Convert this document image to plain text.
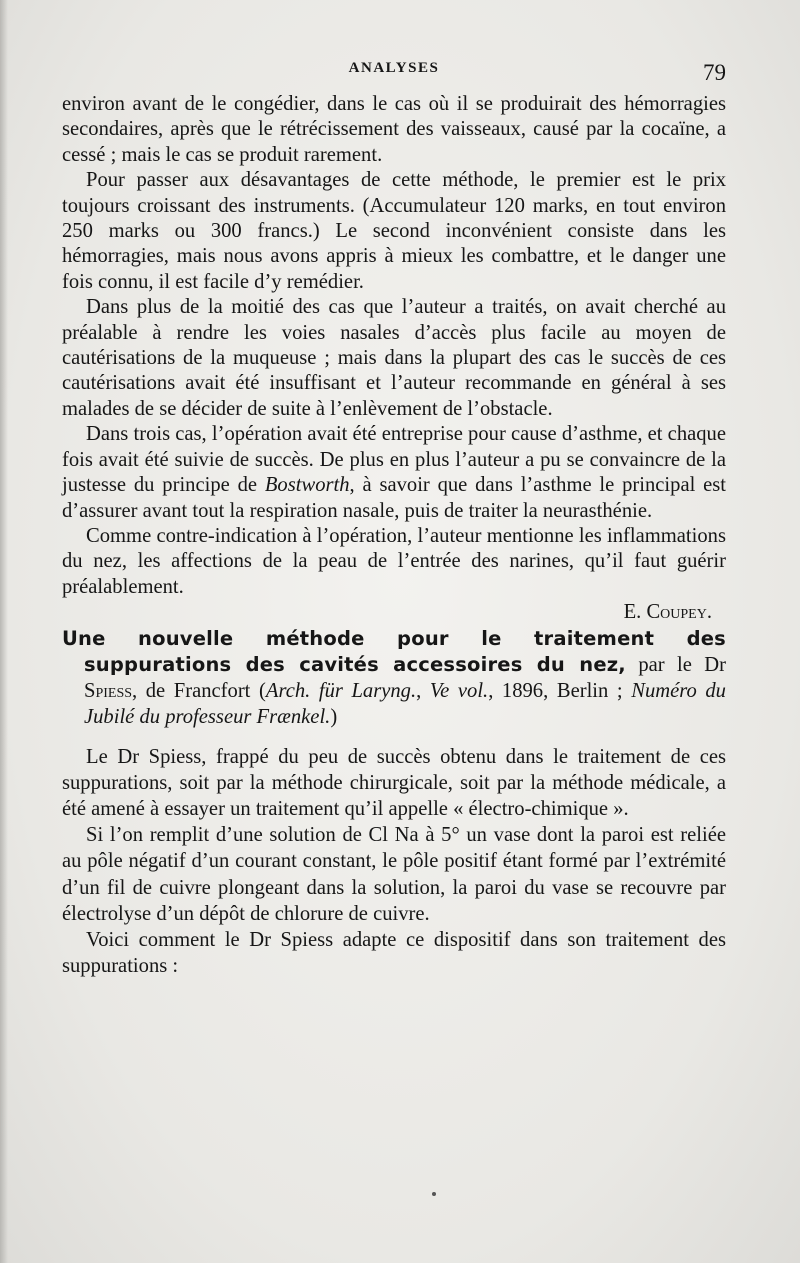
ANALYSES	79

environ avant de le congédier, dans le cas où il se produirait des hémorragies secondaires, après que le rétrécissement des vaisseaux, causé par la cocaïne, a cessé ; mais le cas se produit rarement.

Pour passer aux désavantages de cette méthode, le premier est le prix toujours croissant des instruments. (Accumulateur 120 marks, en tout environ 250 marks ou 300 francs.) Le second inconvénient consiste dans les hémorragies, mais nous avons appris à mieux les combattre, et le danger une fois connu, il est facile d’y remédier.

Dans plus de la moitié des cas que l’auteur a traités, on avait cherché au préalable à rendre les voies nasales d’accès plus facile au moyen de cautérisations de la muqueuse ; mais dans la plupart des cas le succès de ces cautérisations avait été insuffisant et l’auteur recommande en général à ses malades de se décider de suite à l’enlèvement de l’obstacle.

Dans trois cas, l’opération avait été entreprise pour cause d’asthme, et chaque fois avait été suivie de succès. De plus en plus l’auteur a pu se convaincre de la justesse du principe de Bostworth, à savoir que dans l’asthme le principal est d’assurer avant tout la respiration nasale, puis de traiter la neurasthénie.

Comme contre-indication à l’opération, l’auteur mentionne les inflammations du nez, les affections de la peau de l’entrée des narines, qu’il faut guérir préalablement.

E. Coupey.

Une nouvelle méthode pour le traitement des suppurations des cavités accessoires du nez, par le Dr Spiess, de Francfort (Arch. für Laryng., Ve vol., 1896, Berlin ; Numéro du Jubilé du professeur Frænkel.)

Le Dr Spiess, frappé du peu de succès obtenu dans le traitement de ces suppurations, soit par la méthode chirurgicale, soit par la méthode médicale, a été amené à essayer un traitement qu’il appelle « électro-chimique ».

Si l’on remplit d’une solution de Cl Na à 5° un vase dont la paroi est reliée au pôle négatif d’un courant constant, le pôle positif étant formé par l’extrémité d’un fil de cuivre plongeant dans la solution, la paroi du vase se recouvre par électrolyse d’un dépôt de chlorure de cuivre.

Voici comment le Dr Spiess adapte ce dispositif dans son traitement des suppurations :
